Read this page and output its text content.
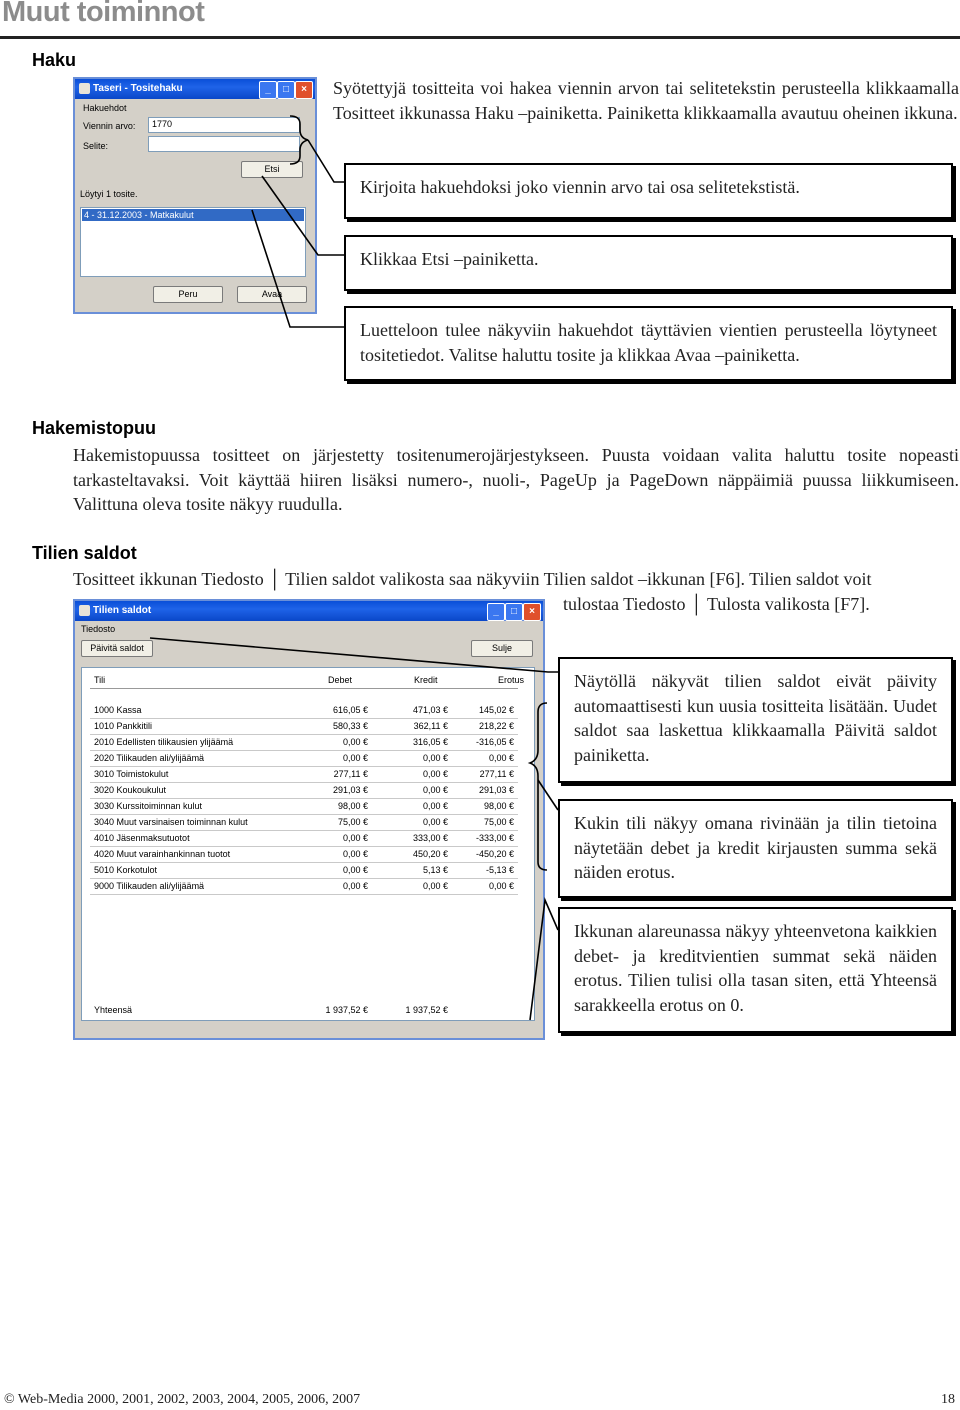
Muut toiminnot
Haku
Syötettyjä tositteita voi hakea viennin arvon tai selitetekstin perusteella klikkaamalla Tositteet ikkunassa Haku –painiketta. Painiketta klikkaamalla avautuu oheinen ikkuna.
Taseri - Tositehaku	_	□	×
Hakuehdot
Viennin arvo: 1770
Selite:
Etsi
Löytyi 1 tosite.
4 - 31.12.2003 - Matkakulut
Peru	Avaa
Kirjoita hakuehdoksi joko viennin arvo tai osa selitetekstistä.
Klikkaa Etsi –painiketta.
Luetteloon tulee näkyviin hakuehdot täyttävien vientien perusteella löytyneet tositetiedot. Valitse haluttu tosite ja klikkaa Avaa –painiketta.
Hakemistopuu
Hakemistopuussa tositteet on järjestetty tositenumerojärjestykseen. Puusta voidaan valita haluttu tosite nopeasti tarkasteltavaksi. Voit käyttää hiiren lisäksi numero-, nuoli-, PageUp ja PageDown näppäimiä puussa liikkumiseen. Valittuna oleva tosite näkyy ruudulla.
Tilien saldot
Tositteet ikkunan Tiedosto │ Tilien saldot valikosta saa näkyviin Tilien saldot –ikkunan [F6]. Tilien saldot voit
tulostaa Tiedosto │ Tulosta valikosta [F7].
Tilien saldot	_	□	×
Tiedosto
Päivitä saldot	Sulje
Tili	Debet	Kredit	Erotus
1000 Kassa	616,05 €	471,03 €	145,02 €
1010 Pankkitili	580,33 €	362,11 €	218,22 €
2010 Edellisten tilikausien ylijäämä	0,00 €	316,05 €	-316,05 €
2020 Tilikauden ali/ylijäämä	0,00 €	0,00 €	0,00 €
3010 Toimistokulut	277,11 €	0,00 €	277,11 €
3020 Koukoukulut	291,03 €	0,00 €	291,03 €
3030 Kurssitoiminnan kulut	98,00 €	0,00 €	98,00 €
3040 Muut varsinaisen toiminnan kulut	75,00 €	0,00 €	75,00 €
4010 Jäsenmaksutuotot	0,00 €	333,00 €	-333,00 €
4020 Muut varainhankinnan tuotot	0,00 €	450,20 €	-450,20 €
5010 Korkotulot	0,00 €	5,13 €	-5,13 €
9000 Tilikauden ali/ylijäämä	0,00 €	0,00 €	0,00 €
Yhteensä	1 937,52 €	1 937,52 €
Näytöllä näkyvät tilien saldot eivät päivity automaattisesti kun uusia tositteita lisätään. Uudet saldot saa laskettua klikkaamalla Päivitä saldot painiketta.
Kukin tili näkyy omana rivinään ja tilin tietoina näytetään debet ja kredit kirjausten summa sekä näiden erotus.
Ikkunan alareunassa näkyy yhteenvetona kaikkien debet- ja kreditvientien summat sekä näiden erotus. Tilien tulisi olla tasan siten, että Yhteensä sarakkeella erotus on 0.
© Web-Media 2000, 2001, 2002, 2003, 2004, 2005, 2006, 2007	18
